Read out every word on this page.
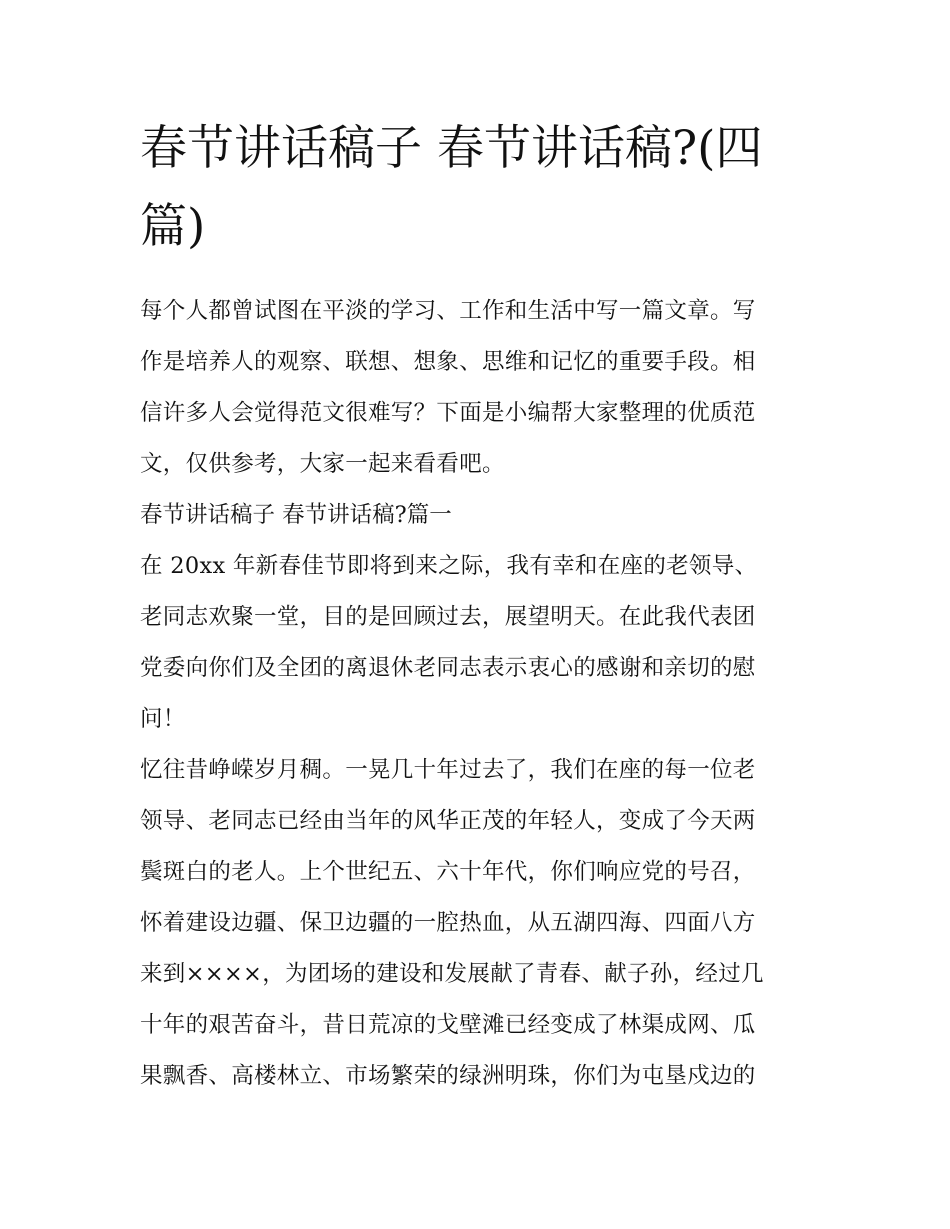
春节讲话稿子 春节讲话稿?(四
篇)

每个人都曾试图在平淡的学习、工作和生活中写一篇文章。写
作是培养人的观察、联想、想象、思维和记忆的重要手段。相
信许多人会觉得范文很难写？下面是小编帮大家整理的优质范
文，仅供参考，大家一起来看看吧。

春节讲话稿子 春节讲话稿?篇一

在 20xx 年新春佳节即将到来之际，我有幸和在座的老领导、
老同志欢聚一堂，目的是回顾过去，展望明天。在此我代表团
党委向你们及全团的离退休老同志表示衷心的感谢和亲切的慰
问！

忆往昔峥嵘岁月稠。一晃几十年过去了，我们在座的每一位老
领导、老同志已经由当年的风华正茂的年轻人，变成了今天两
鬓斑白的老人。上个世纪五、六十年代，你们响应党的号召，
怀着建设边疆、保卫边疆的一腔热血，从五湖四海、四面八方
来到××××，为团场的建设和发展献了青春、献子孙，经过几
十年的艰苦奋斗，昔日荒凉的戈壁滩已经变成了林渠成网、瓜
果飘香、高楼林立、市场繁荣的绿洲明珠，你们为屯垦戍边的
